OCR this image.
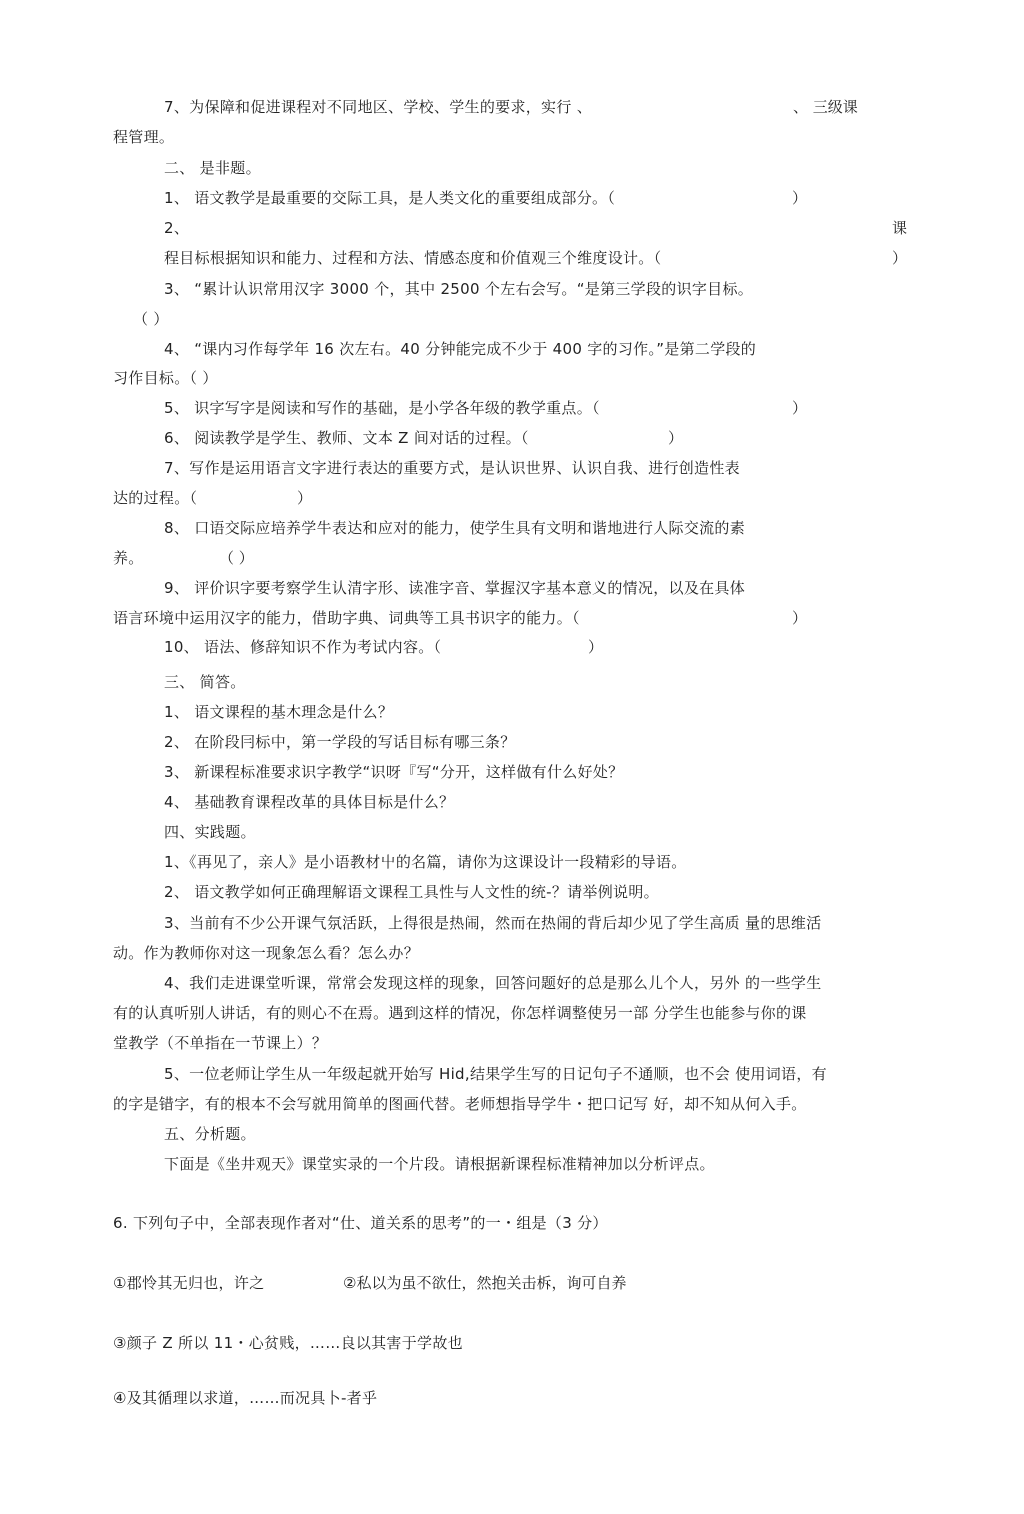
7、为保障和促进课程对不同地区、学校、学生的要求，实行 、	、 三级课
程管理。
二、 是非题。
1、 语文教学是最重要的交际工具，是人类文化的重要组成部分。（	）
2、	课
程目标根据知识和能力、过程和方法、情感态度和价值观三个维度设计。（	）
3、 “累计认识常用汉字 3000 个，其中 2500 个左右会写。“是第三学段的识字目标。
（ ）
4、 “课内习作每学年 16 次左右。40 分钟能完成不少于 400 字的习作。”是第二学段的
习作目标。（ ）
5、 识字写字是阅读和写作的基础，是小学各年级的教学重点。（	）
6、 阅读教学是学生、教师、文本 Z 间对话的过程。（	）
7、写作是运用语言文字进行表达的重要方式，是认识世界、认识自我、进行创造性表
达的过程。（	）
8、 口语交际应培养学牛表达和应对的能力，使学生具有文明和谐地进行人际交流的素
养。	（ ）
9、 评价识字要考察学生认清字形、读准字音、掌握汉字基本意义的情况，以及在具体
语言环境中运用汉字的能力，借助字典、词典等工具书识字的能力。（	）
10、 语法、修辞知识不作为考试内容。（	）
三、 简答。
1、 语文课程的基木理念是什么？
2、 在阶段冃标中，第一学段的写话目标有哪三条？
3、 新课程标准要求识字教学“识呀『写“分开，这样做有什么好处？
4、 基础教育课程改革的具体目标是什么？
四、实践题。
1、《再见了，亲人》是小语教材屮的名篇，请你为这课设计一段精彩的导语。
2、 语文教学如何正确理解语文课程工具性与人文性的统-？请举例说明。
3、当前有不少公开课气氛活跃，上得很是热闹，然而在热闹的背后却少见了学生高质 量的思维活
动。作为教师你对这一现象怎么看？怎么办？
4、我们走进课堂听课，常常会发现这样的现象，回答问题好的总是那么儿个人，另外 的一些学生
有的认真听别人讲话，有的则心不在焉。遇到这样的情况，你怎样调整使另一部 分学生也能参与你的课
堂教学（不单指在一节课上）？
5、一位老师让学生从一年级起就开始写 Hid,结果学生写的日记句子不通顺，也不会 使用词语，有
的字是错字，有的根本不会写就用简单的图画代替。老师想指导学牛・把口记写 好，却不知从何入手。
五、分析题。
下面是《坐井观天》课堂实录的一个片段。请根据新课程标准精神加以分析评点。
6. 下列句子中，全部表现作者对“仕、道关系的思考”的一・组是（3 分）
①郡怜其无归也，许之	②私以为虽不欲仕，然抱关击柝，询可自养
③颜子 Z 所以 11・心贫贱，……良以其害于学故也
④及其循理以求道，……而况具卜-者乎
